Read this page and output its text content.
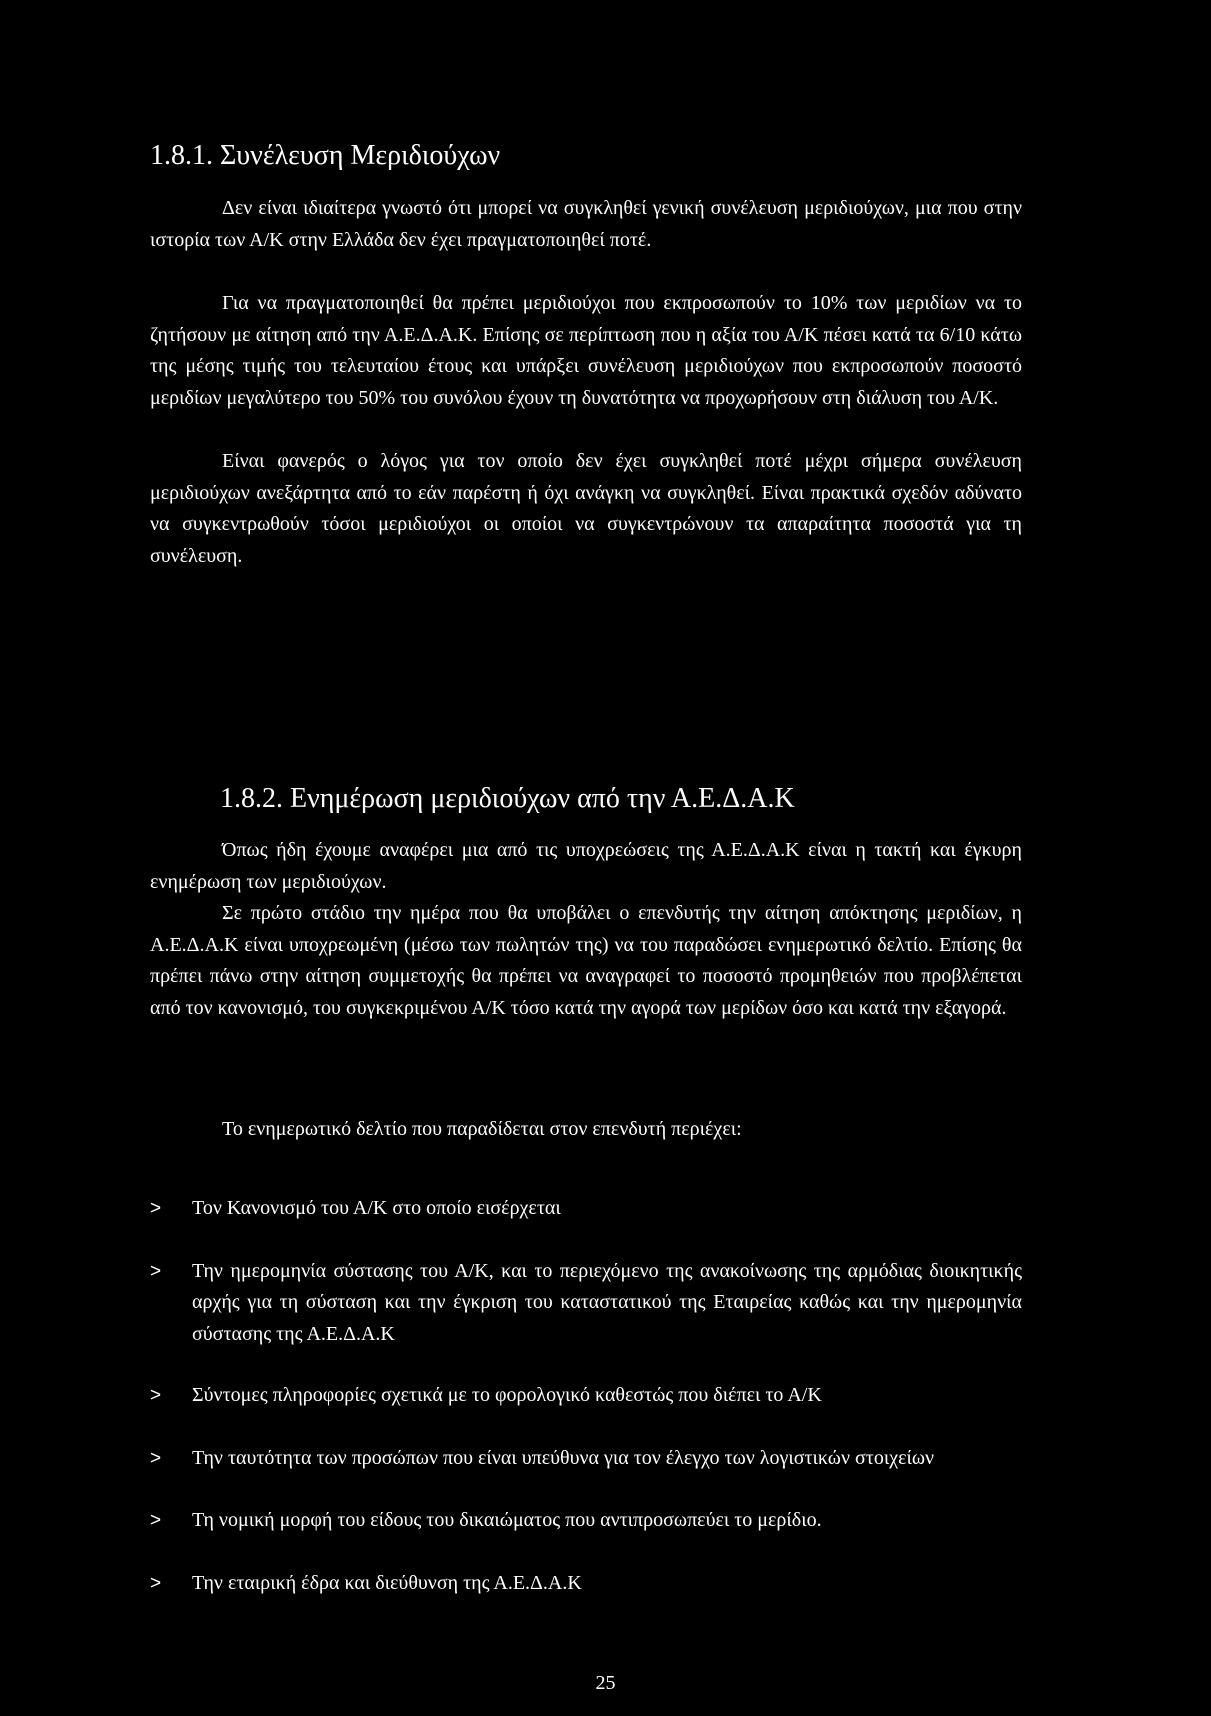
1.8.1. Συνέλευση Μεριδιούχων

Δεν είναι ιδιαίτερα γνωστό ότι μπορεί να συγκληθεί γενική συνέλευση μεριδιούχων, μια που στην ιστορία των Α/Κ στην Ελλάδα δεν έχει πραγματοποιηθεί ποτέ.

Για να πραγματοποιηθεί θα πρέπει μεριδιούχοι που εκπροσωπούν το 10% των μεριδίων να το ζητήσουν με αίτηση από την Α.Ε.Δ.Α.Κ. Επίσης σε περίπτωση που η αξία του Α/Κ πέσει κατά τα 6/10 κάτω της μέσης τιμής του τελευταίου έτους και υπάρξει συνέλευση μεριδιούχων που εκπροσωπούν ποσοστό μεριδίων μεγαλύτερο του 50% του συνόλου έχουν τη δυνατότητα να προχωρήσουν στη διάλυση του Α/Κ.

Είναι φανερός ο λόγος για τον οποίο δεν έχει συγκληθεί ποτέ μέχρι σήμερα συνέλευση μεριδιούχων ανεξάρτητα από το εάν παρέστη ή όχι ανάγκη να συγκληθεί. Είναι πρακτικά σχεδόν αδύνατο να συγκεντρωθούν τόσοι μεριδιούχοι οι οποίοι να συγκεντρώνουν τα απαραίτητα ποσοστά για τη συνέλευση.

1.8.2. Ενημέρωση μεριδιούχων από την Α.Ε.Δ.Α.Κ

Όπως ήδη έχουμε αναφέρει μια από τις υποχρεώσεις της Α.Ε.Δ.Α.Κ είναι η τακτή και έγκυρη ενημέρωση των μεριδιούχων.

Σε πρώτο στάδιο την ημέρα που θα υποβάλει ο επενδυτής την αίτηση απόκτησης μεριδίων, η Α.Ε.Δ.Α.Κ είναι υποχρεωμένη (μέσω των πωλητών της) να του παραδώσει ενημερωτικό δελτίο. Επίσης θα πρέπει πάνω στην αίτηση συμμετοχής θα πρέπει να αναγραφεί το ποσοστό προμηθειών που προβλέπεται από τον κανονισμό, του συγκεκριμένου Α/Κ τόσο κατά την αγορά των μερίδων όσο και κατά την εξαγορά.

Το ενημερωτικό δελτίο που παραδίδεται στον επενδυτή περιέχει:

> Τον Κανονισμό του Α/Κ στο οποίο εισέρχεται
> Την ημερομηνία σύστασης του Α/Κ, και το περιεχόμενο της ανακοίνωσης της αρμόδιας διοικητικής αρχής για τη σύσταση και την έγκριση του καταστατικού της Εταιρείας καθώς και την ημερομηνία σύστασης της Α.Ε.Δ.Α.Κ
> Σύντομες πληροφορίες σχετικά με το φορολογικό καθεστώς που διέπει το Α/Κ
> Την ταυτότητα των προσώπων που είναι υπεύθυνα για τον έλεγχο των λογιστικών στοιχείων
> Τη νομική μορφή του είδους του δικαιώματος που αντιπροσωπεύει το μερίδιο.
> Την εταιρική έδρα και διεύθυνση της Α.Ε.Δ.Α.Κ
25
